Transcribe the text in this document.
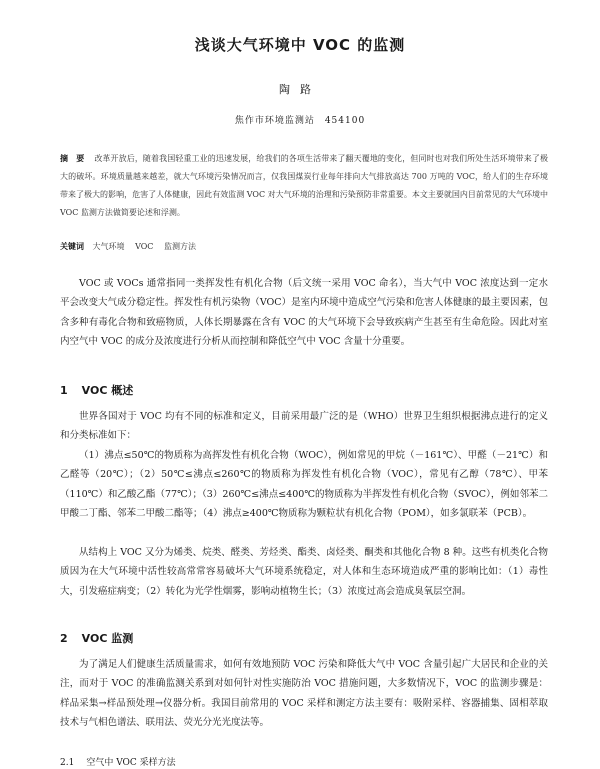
浅谈大气环境中 VOC 的监测
陶路
焦作市环境监测站　454100
摘　要 改革开放后，随着我国轻重工业的迅速发展，给我们的各项生活带来了翻天覆地的变化，但同时也对我们所处生活环境带来了极大的破坏。环境质量越来越差，就大气环境污染情况而言，仅我国煤炭行业每年排向大气排放高达 700 万吨的 VOC，给人们的生存环境带来了极大的影响，危害了人体健康，因此有效监测 VOC 对大气环境的治理和污染预防非常重要。本文主要就国内目前常见的大气环境中 VOC 监测方法做简要论述和浮测。
关键词 大气环境 VOC 监测方法

VOC 或 VOCs 通常指同一类挥发性有机化合物（后文统一采用 VOC 命名），当大气中 VOC 浓度达到一定水平会改变大气成分稳定性。挥发性有机污染物（VOC）是室内环境中造成空气污染和危害人体健康的最主要因素，包含多种有毒化合物和致癌物质，人体长期暴露在含有 VOC 的大气环境下会导致疾病产生甚至有生命危险。因此对室内空气中 VOC 的成分及浓度进行分析从而控制和降低空气中 VOC 含量十分重要。

1 VOC 概述

世界各国对于 VOC 均有不同的标准和定义，目前采用最广泛的是（WHO）世界卫生组织根据沸点进行的定义和分类标准如下：

（1）沸点≤50℃的物质称为高挥发性有机化合物（WOC），例如常见的甲烷（－161℃）、甲醛（－21℃）和乙醛等（20℃）；（2）50℃≤沸点≤260℃的物质称为挥发性有机化合物（VOC），常见有乙醇（78℃）、甲苯（110℃）和乙酸乙酯（77℃）；（3）260℃≤沸点≤400℃的物质称为半挥发性有机化合物（SVOC），例如邻苯二甲酸二丁酯、邻苯二甲酸二酯等；（4）沸点≥400℃物质称为颗粒状有机化合物（POM），如多氯联苯（PCB）。

从结构上 VOC 又分为烯类、烷类、醛类、芳烃类、酯类、卤烃类、酮类和其他化合物 8 种。这些有机类化合物质因为在大气环境中活性较高常常容易破坏大气环境系统稳定，对人体和生态环境造成严重的影响比如：（1）毒性大，引发癌症病变；（2）转化为光学性烟雾，影响动植物生长；（3）浓度过高会造成臭氧层空洞。

2 VOC 监测

为了满足人们健康生活质量需求，如何有效地预防 VOC 污染和降低大气中 VOC 含量引起广大居民和企业的关注，而对于 VOC 的准确监测关系到对如何针对性实施防治 VOC 措施问题，大多数情况下，VOC 的监测步骤是：样品采集→样品预处理→仪器分析。我国目前常用的 VOC 采样和测定方法主要有：吸附采样、容器捕集、固相萃取技术与气相色谱法、联用法、荧光分光光度法等。

2.1 空气中 VOC 采样方法
